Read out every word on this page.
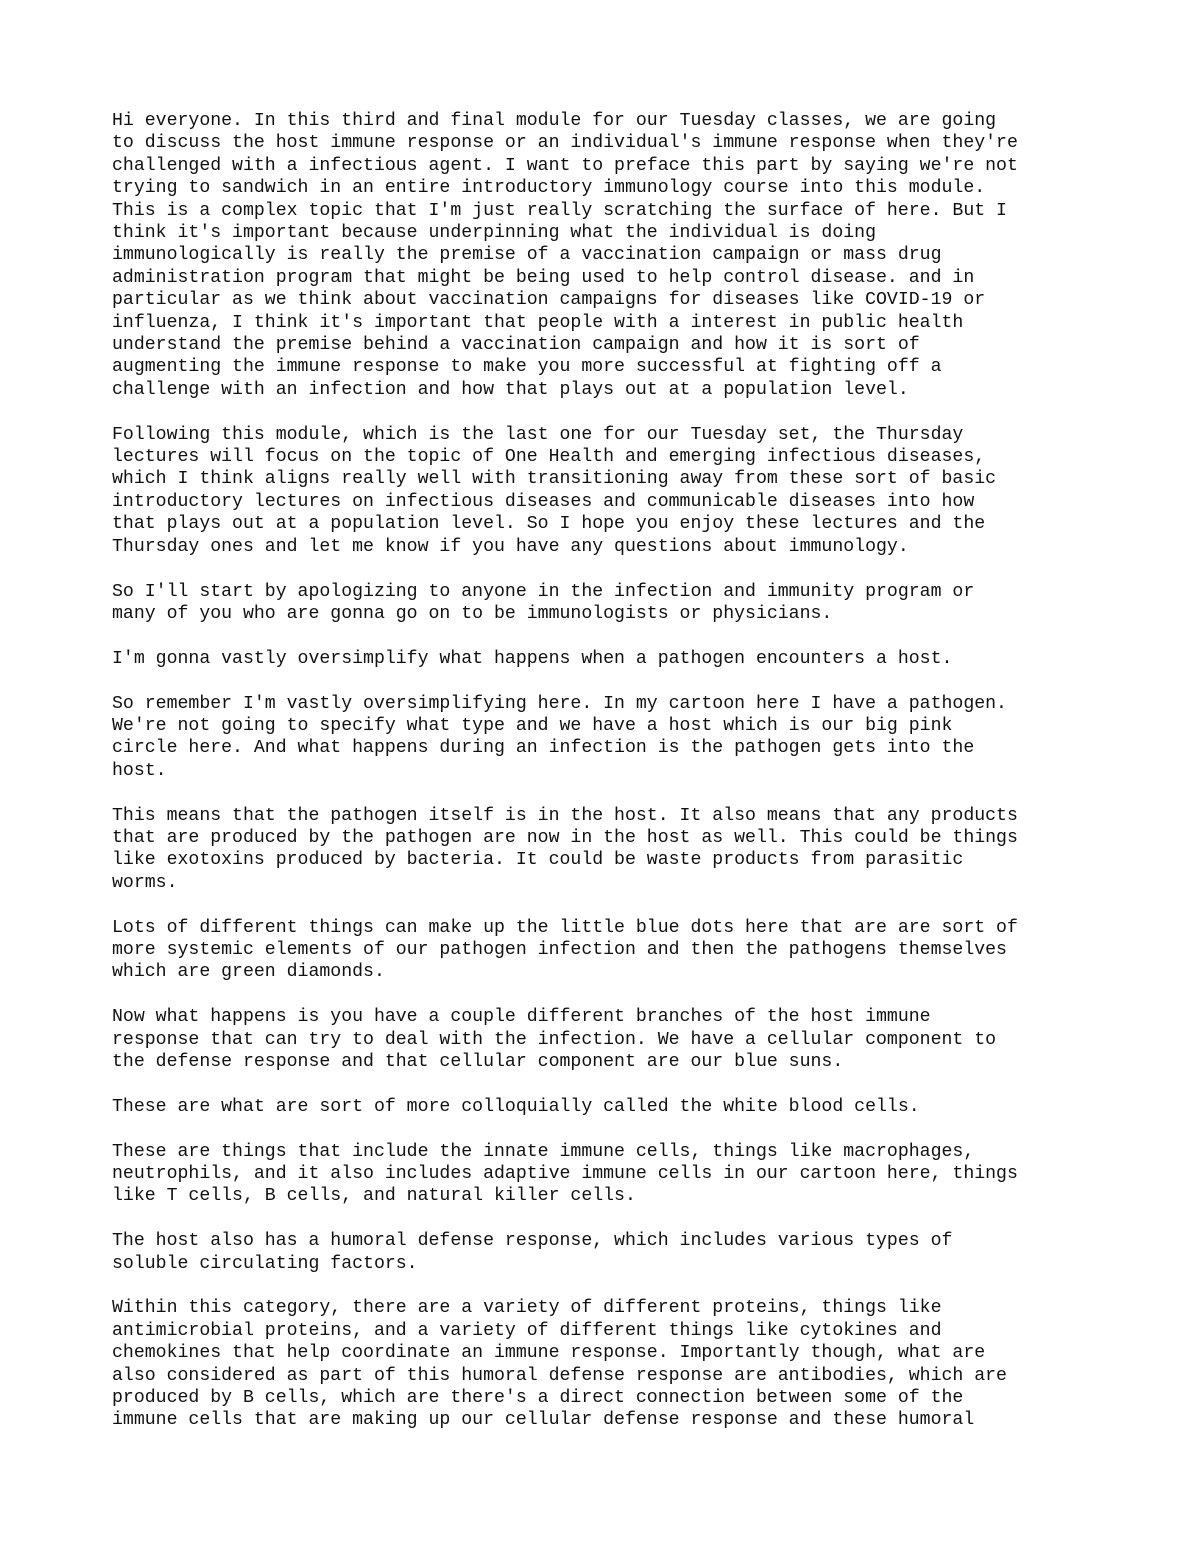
Hi everyone. In this third and final module for our Tuesday classes, we are going
to discuss the host immune response or an individual's immune response when they're
challenged with a infectious agent. I want to preface this part by saying we're not
trying to sandwich in an entire introductory immunology course into this module.
This is a complex topic that I'm just really scratching the surface of here. But I
think it's important because underpinning what the individual is doing
immunologically is really the premise of a vaccination campaign or mass drug
administration program that might be being used to help control disease. and in
particular as we think about vaccination campaigns for diseases like COVID-19 or
influenza, I think it's important that people with a interest in public health
understand the premise behind a vaccination campaign and how it is sort of
augmenting the immune response to make you more successful at fighting off a
challenge with an infection and how that plays out at a population level.
Following this module, which is the last one for our Tuesday set, the Thursday
lectures will focus on the topic of One Health and emerging infectious diseases,
which I think aligns really well with transitioning away from these sort of basic
introductory lectures on infectious diseases and communicable diseases into how
that plays out at a population level. So I hope you enjoy these lectures and the
Thursday ones and let me know if you have any questions about immunology.
So I'll start by apologizing to anyone in the infection and immunity program or
many of you who are gonna go on to be immunologists or physicians.
I'm gonna vastly oversimplify what happens when a pathogen encounters a host.
So remember I'm vastly oversimplifying here. In my cartoon here I have a pathogen.
We're not going to specify what type and we have a host which is our big pink
circle here. And what happens during an infection is the pathogen gets into the
host.
This means that the pathogen itself is in the host. It also means that any products
that are produced by the pathogen are now in the host as well. This could be things
like exotoxins produced by bacteria. It could be waste products from parasitic
worms.
Lots of different things can make up the little blue dots here that are are sort of
more systemic elements of our pathogen infection and then the pathogens themselves
which are green diamonds.
Now what happens is you have a couple different branches of the host immune
response that can try to deal with the infection. We have a cellular component to
the defense response and that cellular component are our blue suns.
These are what are sort of more colloquially called the white blood cells.
These are things that include the innate immune cells, things like macrophages,
neutrophils, and it also includes adaptive immune cells in our cartoon here, things
like T cells, B cells, and natural killer cells.
The host also has a humoral defense response, which includes various types of
soluble circulating factors.
Within this category, there are a variety of different proteins, things like
antimicrobial proteins, and a variety of different things like cytokines and
chemokines that help coordinate an immune response. Importantly though, what are
also considered as part of this humoral defense response are antibodies, which are
produced by B cells, which are there's a direct connection between some of the
immune cells that are making up our cellular defense response and these humoral
